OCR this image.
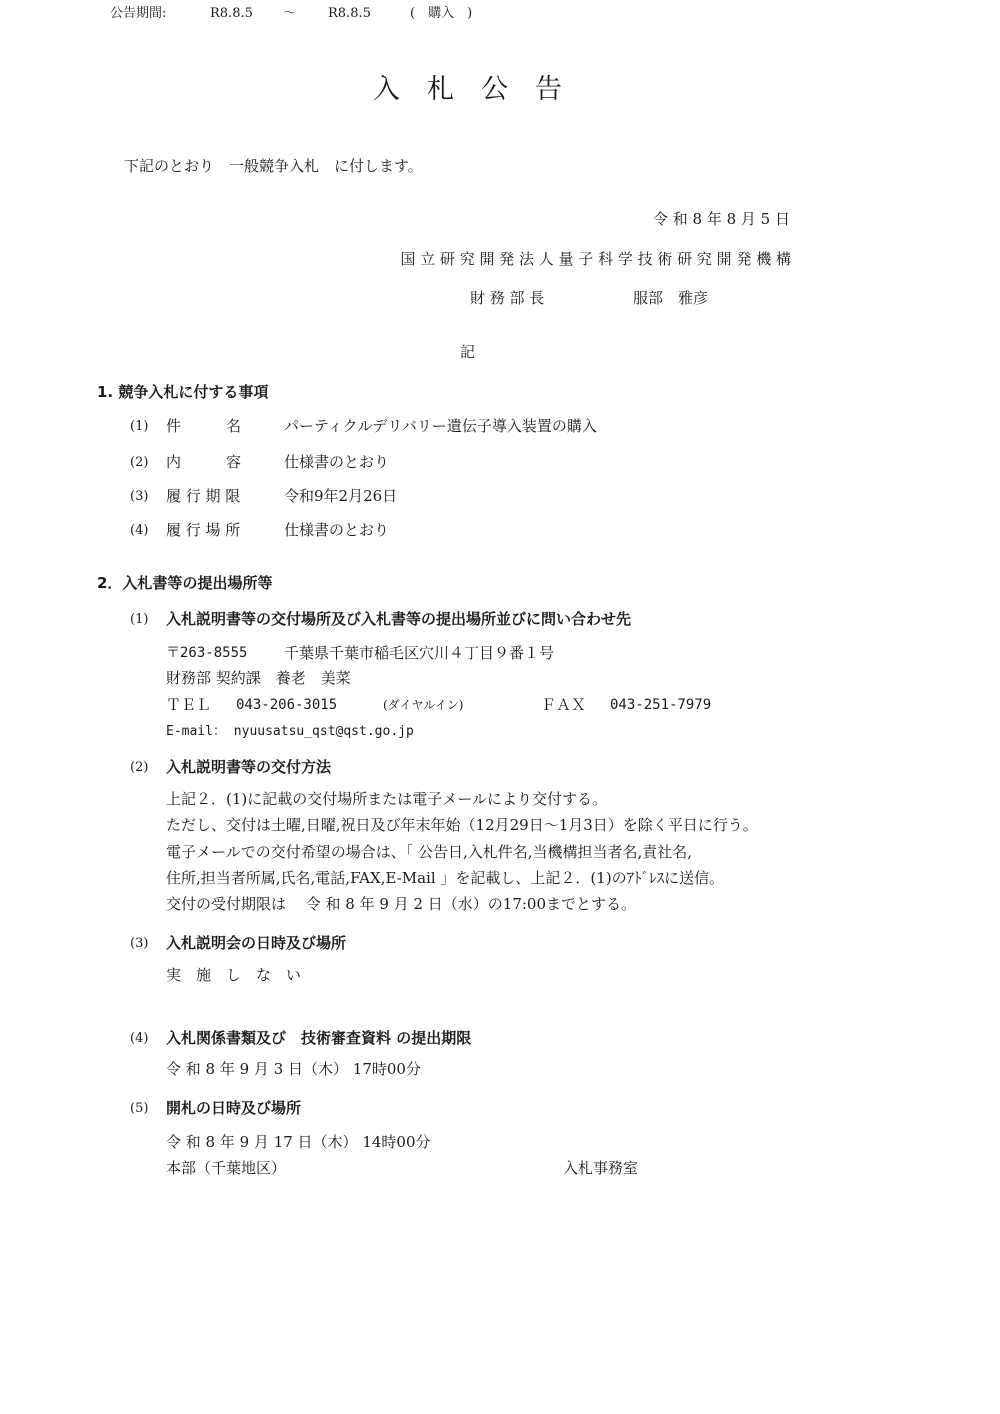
公告期間:	R8.8.5 ～ R8.8.5	(　購入　)
入　札　公　告
下記のとおり　一般競争入札　に付します。
令 和 8 年 8 月 5 日
国 立 研 究 開 発 法 人 量 子 科 学 技 術 研 究 開 発 機 構
財 務 部 長	服部　雅彦
記
1. 競争入札に付する事項
(1) 件　　　名	パーティクルデリバリー遺伝子導入装置の購入
(2) 内　　　容	仕様書のとおり
(3) 履 行 期 限	令和9年2月26日
(4) 履 行 場 所	仕様書のとおり
2．入札書等の提出場所等
(1) 入札説明書等の交付場所及び入札書等の提出場所並びに問い合わせ先
〒263-8555 千葉県千葉市稲毛区穴川４丁目９番１号
財務部 契約課　養老　美菜
ＴＥＬ 043-206-3015	(ダイヤルイン)	ＦＡＸ 043-251-7979
E-mail： nyuusatsu_qst@qst.go.jp
(2) 入札説明書等の交付方法
上記２．(1)に記載の交付場所または電子メールにより交付する。
ただし、交付は土曜,日曜,祝日及び年末年始（12月29日～1月3日）を除く平日に行う。
電子メールでの交付希望の場合は、「 公告日,入札件名,当機構担当者名,責社名,
住所,担当者所属,氏名,電話,FAX,E-Mail 」を記載し、上記２．(1)のｱﾄﾞﾚｽに送信。
交付の受付期限は　 令 和 8 年 9 月 2 日（水）の17:00までとする。
(3) 入札説明会の日時及び場所
実　施　し　な　い
(4) 入札関係書類及び　技術審査資料 の提出期限
令 和 8 年 9 月 3 日（木） 17時00分
(5) 開札の日時及び場所
令 和 8 年 9 月 17 日（木） 14時00分
本部（千葉地区）	入札事務室
